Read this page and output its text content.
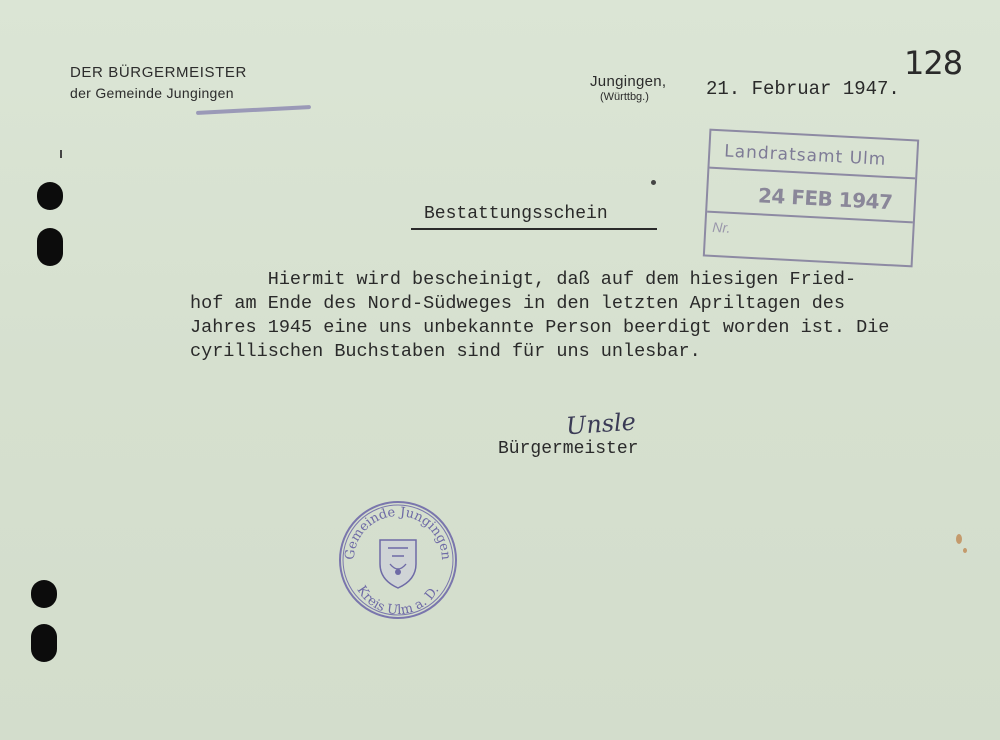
DER BÜRGERMEISTER
der Gemeinde Jungingen
Jungingen,
(Württbg.)	21. Februar 1947.
128
Landratsamt Ulm
24 FEB 1947
Nr.
Bestattungsschein
Hiermit wird bescheinigt, daß auf dem hiesigen Fried-
hof am Ende des Nord-Südweges in den letzten Apriltagen des
Jahres 1945 eine uns unbekannte Person beerdigt worden ist. Die
cyrillischen Buchstaben sind für uns unlesbar.
Unsle
Bürgermeister
Gemeinde Jungingen
Kreis Ulm a. D.
